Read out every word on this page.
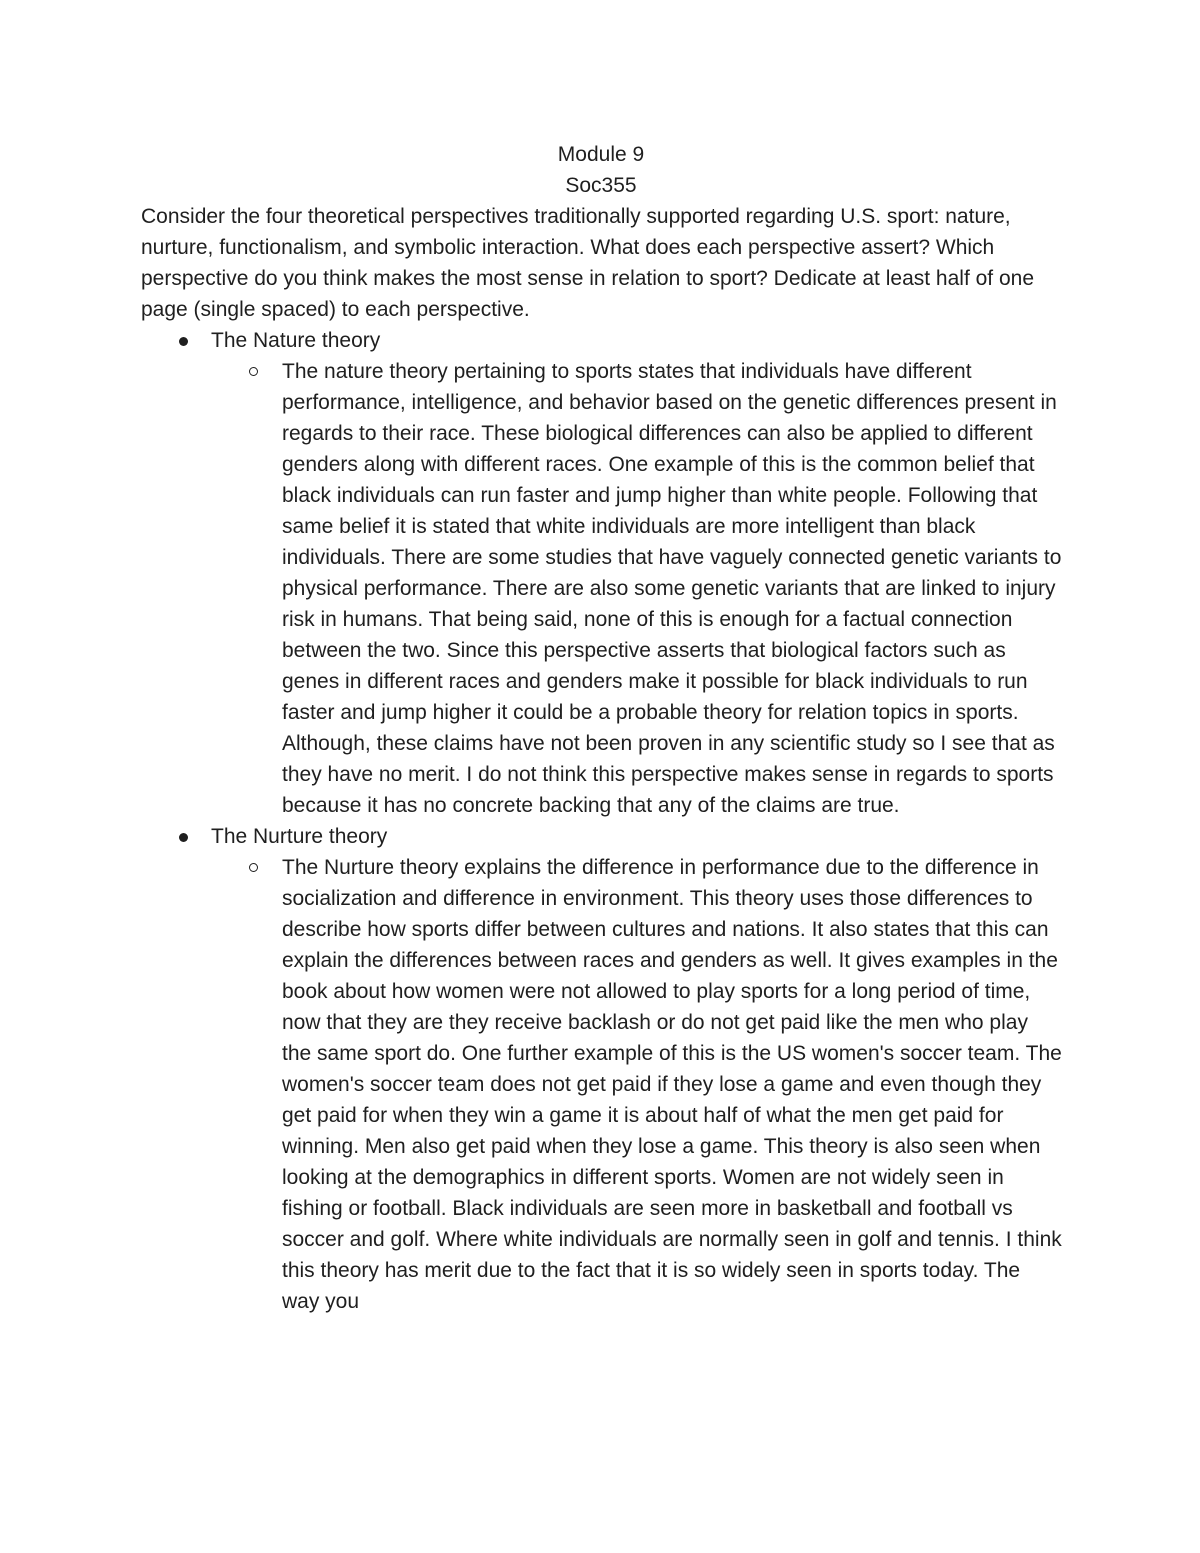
Module 9
Soc355

Consider the four theoretical perspectives traditionally supported regarding U.S. sport: nature, nurture, functionalism, and symbolic interaction. What does each perspective assert? Which perspective do you think makes the most sense in relation to sport? Dedicate at least half of one page (single spaced) to each perspective.

The Nature theory
The nature theory pertaining to sports states that individuals have different performance, intelligence, and behavior based on the genetic differences present in regards to their race. These biological differences can also be applied to different genders along with different races. One example of this is the common belief that black individuals can run faster and jump higher than white people. Following that same belief it is stated that white individuals are more intelligent than black individuals. There are some studies that have vaguely connected genetic variants to physical performance. There are also some genetic variants that are linked to injury risk in humans. That being said, none of this is enough for a factual connection between the two. Since this perspective asserts that biological factors such as genes in different races and genders make it possible for black individuals to run faster and jump higher it could be a probable theory for relation topics in sports. Although, these claims have not been proven in any scientific study so I see that as they have no merit. I do not think this perspective makes sense in regards to sports because it has no concrete backing that any of the claims are true.
The Nurture theory
The Nurture theory explains the difference in performance due to the difference in socialization and difference in environment. This theory uses those differences to describe how sports differ between cultures and nations. It also states that this can explain the differences between races and genders as well. It gives examples in the book about how women were not allowed to play sports for a long period of time, now that they are they receive backlash or do not get paid like the men who play the same sport do. One further example of this is the US women's soccer team. The women's soccer team does not get paid if they lose a game and even though they get paid for when they win a game it is about half of what the men get paid for winning. Men also get paid when they lose a game. This theory is also seen when looking at the demographics in different sports. Women are not widely seen in fishing or football. Black individuals are seen more in basketball and football vs soccer and golf. Where white individuals are normally seen in golf and tennis. I think this theory has merit due to the fact that it is so widely seen in sports today. The way you
